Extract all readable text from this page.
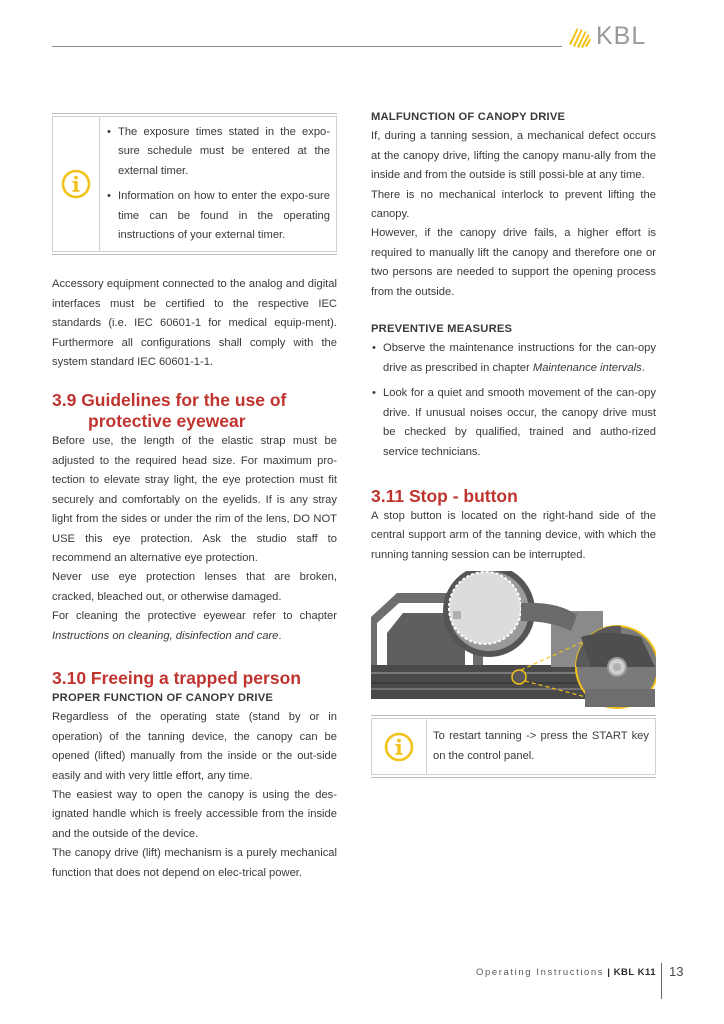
KBL
• The exposure times stated in the expo-sure schedule must be entered at the external timer.
• Information on how to enter the expo-sure time can be found in the operating instructions of your external timer.

Accessory equipment connected to the analog and digital interfaces must be certified to the respective IEC standards (i.e. IEC 60601-1 for medical equip-ment). Furthermore all configurations shall comply with the system standard IEC 60601-1-1.

3.9 Guidelines for the use of
protective eyewear

Before use, the length of the elastic strap must be adjusted to the required head size. For maximum pro-tection to elevate stray light, the eye protection must fit securely and comfortably on the eyelids. If is any stray light from the sides or under the rim of the lens, DO NOT USE this eye protection. Ask the studio staff to recommend an alternative eye protection.

Never use eye protection lenses that are broken, cracked, bleached out, or otherwise damaged.

For cleaning the protective eyewear refer to chapter Instructions on cleaning, disinfection and care.

3.10 Freeing a trapped person
PROPER FUNCTION OF CANOPY DRIVE

Regardless of the operating state (stand by or in operation) of the tanning device, the canopy can be opened (lifted) manually from the inside or the out-side easily and with very little effort, any time.

The easiest way to open the canopy is using the des-ignated handle which is freely accessible from the inside and the outside of the device.

The canopy drive (lift) mechanism is a purely mechanical function that does not depend on elec-trical power.

MALFUNCTION OF CANOPY DRIVE

If, during a tanning session, a mechanical defect occurs at the canopy drive, lifting the canopy manu-ally from the inside and from the outside is still possi-ble at any time.

There is no mechanical interlock to prevent lifting the canopy.

However, if the canopy drive fails, a higher effort is required to manually lift the canopy and therefore one or two persons are needed to support the opening process from the outside.

PREVENTIVE MEASURES
• Observe the maintenance instructions for the can-opy drive as prescribed in chapter Maintenance intervals.
• Look for a quiet and smooth movement of the can-opy drive. If unusual noises occur, the canopy drive must be checked by qualified, trained and autho-rized service technicians.
3.11 Stop - button

A stop button is located on the right-hand side of the central support arm of the tanning device, with which the running tanning session can be interrupted.

To restart tanning -> press the START key on the control panel.

Operating Instructions | KBL K11 13
